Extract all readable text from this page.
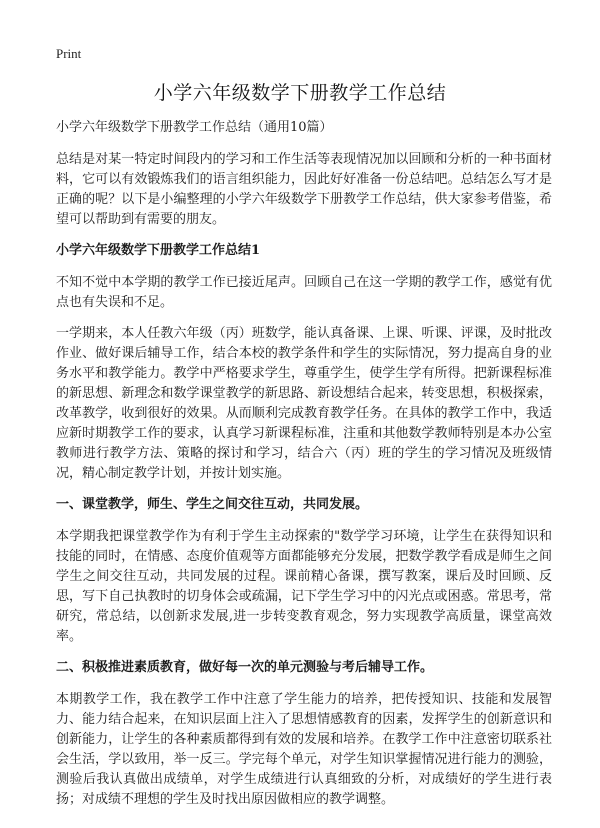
Print
小学六年级数学下册教学工作总结

小学六年级数学下册教学工作总结（通用10篇）

总结是对某一特定时间段内的学习和工作生活等表现情况加以回顾和分析的一种书面材料，它可以有效锻炼我们的语言组织能力，因此好好准备一份总结吧。总结怎么写才是正确的呢？以下是小编整理的小学六年级数学下册教学工作总结，供大家参考借鉴，希望可以帮助到有需要的朋友。

小学六年级数学下册教学工作总结1

不知不觉中本学期的教学工作已接近尾声。回顾自己在这一学期的教学工作，感觉有优点也有失误和不足。

一学期来，本人任教六年级（丙）班数学，能认真备课、上课、听课、评课，及时批改作业、做好课后辅导工作，结合本校的教学条件和学生的实际情况，努力提高自身的业务水平和教学能力。教学中严格要求学生，尊重学生，使学生学有所得。把新课程标准的新思想、新理念和数学课堂教学的新思路、新设想结合起来，转变思想，积极探索，改革教学，收到很好的效果。从而顺利完成教育教学任务。在具体的教学工作中，我适应新时期教学工作的要求，认真学习新课程标准，注重和其他数学教师特别是本办公室教师进行教学方法、策略的探讨和学习，结合六（丙）班的学生的学习情况及班级情况，精心制定教学计划，并按计划实施。

一、课堂教学，师生、学生之间交往互动，共同发展。

本学期我把课堂教学作为有利于学生主动探索的"数学学习环境，让学生在获得知识和技能的同时，在情感、态度价值观等方面都能够充分发展，把数学教学看成是师生之间学生之间交往互动，共同发展的过程。课前精心备课，撰写教案，课后及时回顾、反思，写下自己执教时的切身体会或疏漏，记下学生学习中的闪光点或困惑。常思考，常研究，常总结，以创新求发展,进一步转变教育观念，努力实现教学高质量，课堂高效率。

二、积极推进素质教育，做好每一次的单元测验与考后辅导工作。

本期教学工作，我在教学工作中注意了学生能力的培养，把传授知识、技能和发展智力、能力结合起来，在知识层面上注入了思想情感教育的因素，发挥学生的创新意识和创新能力，让学生的各种素质都得到有效的发展和培养。在教学工作中注意密切联系社会生活，学以致用，举一反三。学完每个单元，对学生知识掌握情况进行能力的测验，测验后我认真做出成绩单，对学生成绩进行认真细致的分析，对成绩好的学生进行表扬；对成绩不理想的学生及时找出原因做相应的教学调整。
